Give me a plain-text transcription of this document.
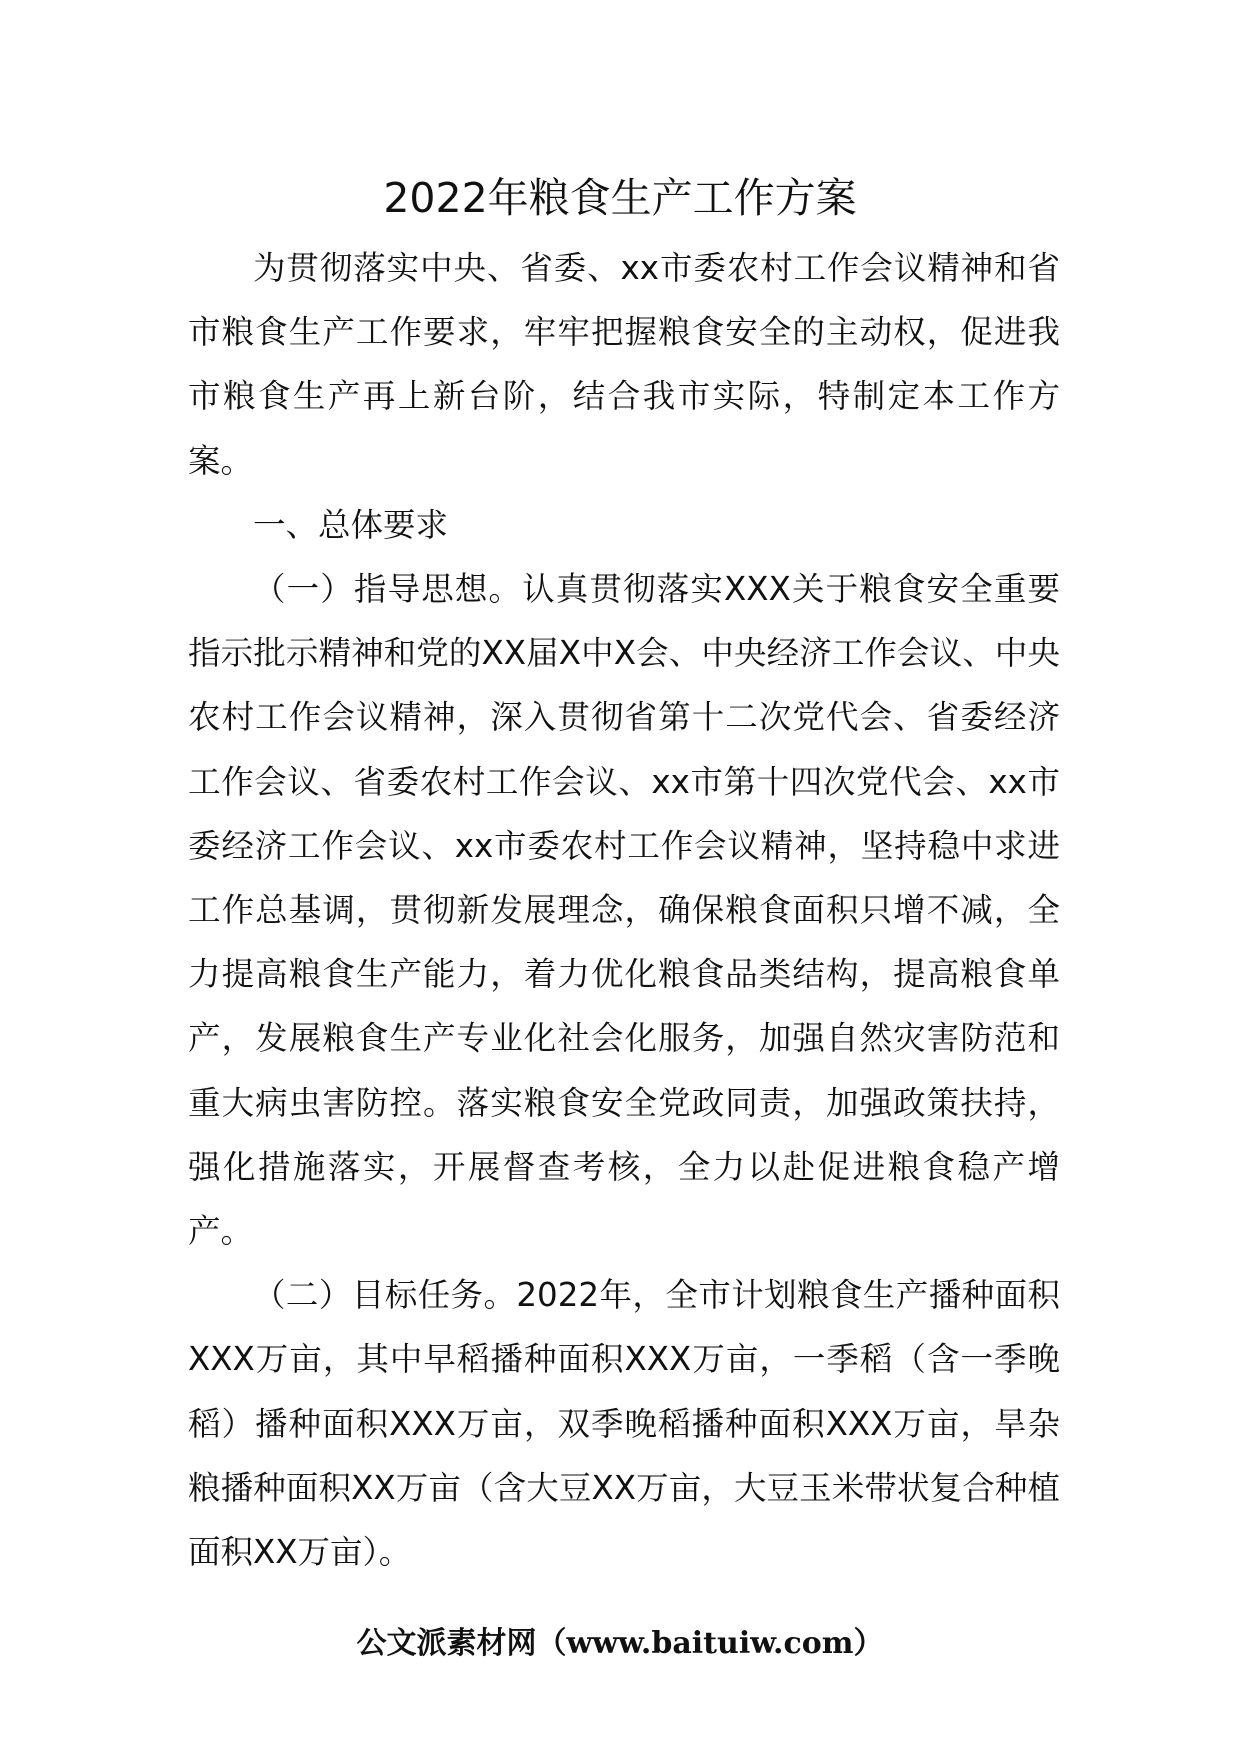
2022年粮食生产工作方案

为贯彻落实中央、省委、xx市委农村工作会议精神和省市粮食生产工作要求，牢牢把握粮食安全的主动权，促进我市粮食生产再上新台阶，结合我市实际，特制定本工作方案。

一、总体要求

（一）指导思想。认真贯彻落实XXX关于粮食安全重要指示批示精神和党的XX届X中X会、中央经济工作会议、中央农村工作会议精神，深入贯彻省第十二次党代会、省委经济工作会议、省委农村工作会议、xx市第十四次党代会、xx市委经济工作会议、xx市委农村工作会议精神，坚持稳中求进工作总基调，贯彻新发展理念，确保粮食面积只增不减，全力提高粮食生产能力，着力优化粮食品类结构，提高粮食单产，发展粮食生产专业化社会化服务，加强自然灾害防范和重大病虫害防控。落实粮食安全党政同责，加强政策扶持，强化措施落实，开展督查考核，全力以赴促进粮食稳产增产。

（二）目标任务。2022年，全市计划粮食生产播种面积XXX万亩，其中早稻播种面积XXX万亩，一季稻（含一季晚稻）播种面积XXX万亩，双季晚稻播种面积XXX万亩，旱杂粮播种面积XX万亩（含大豆XX万亩，大豆玉米带状复合种植面积XX万亩）。

公文派素材网（www.baituiw.com）
